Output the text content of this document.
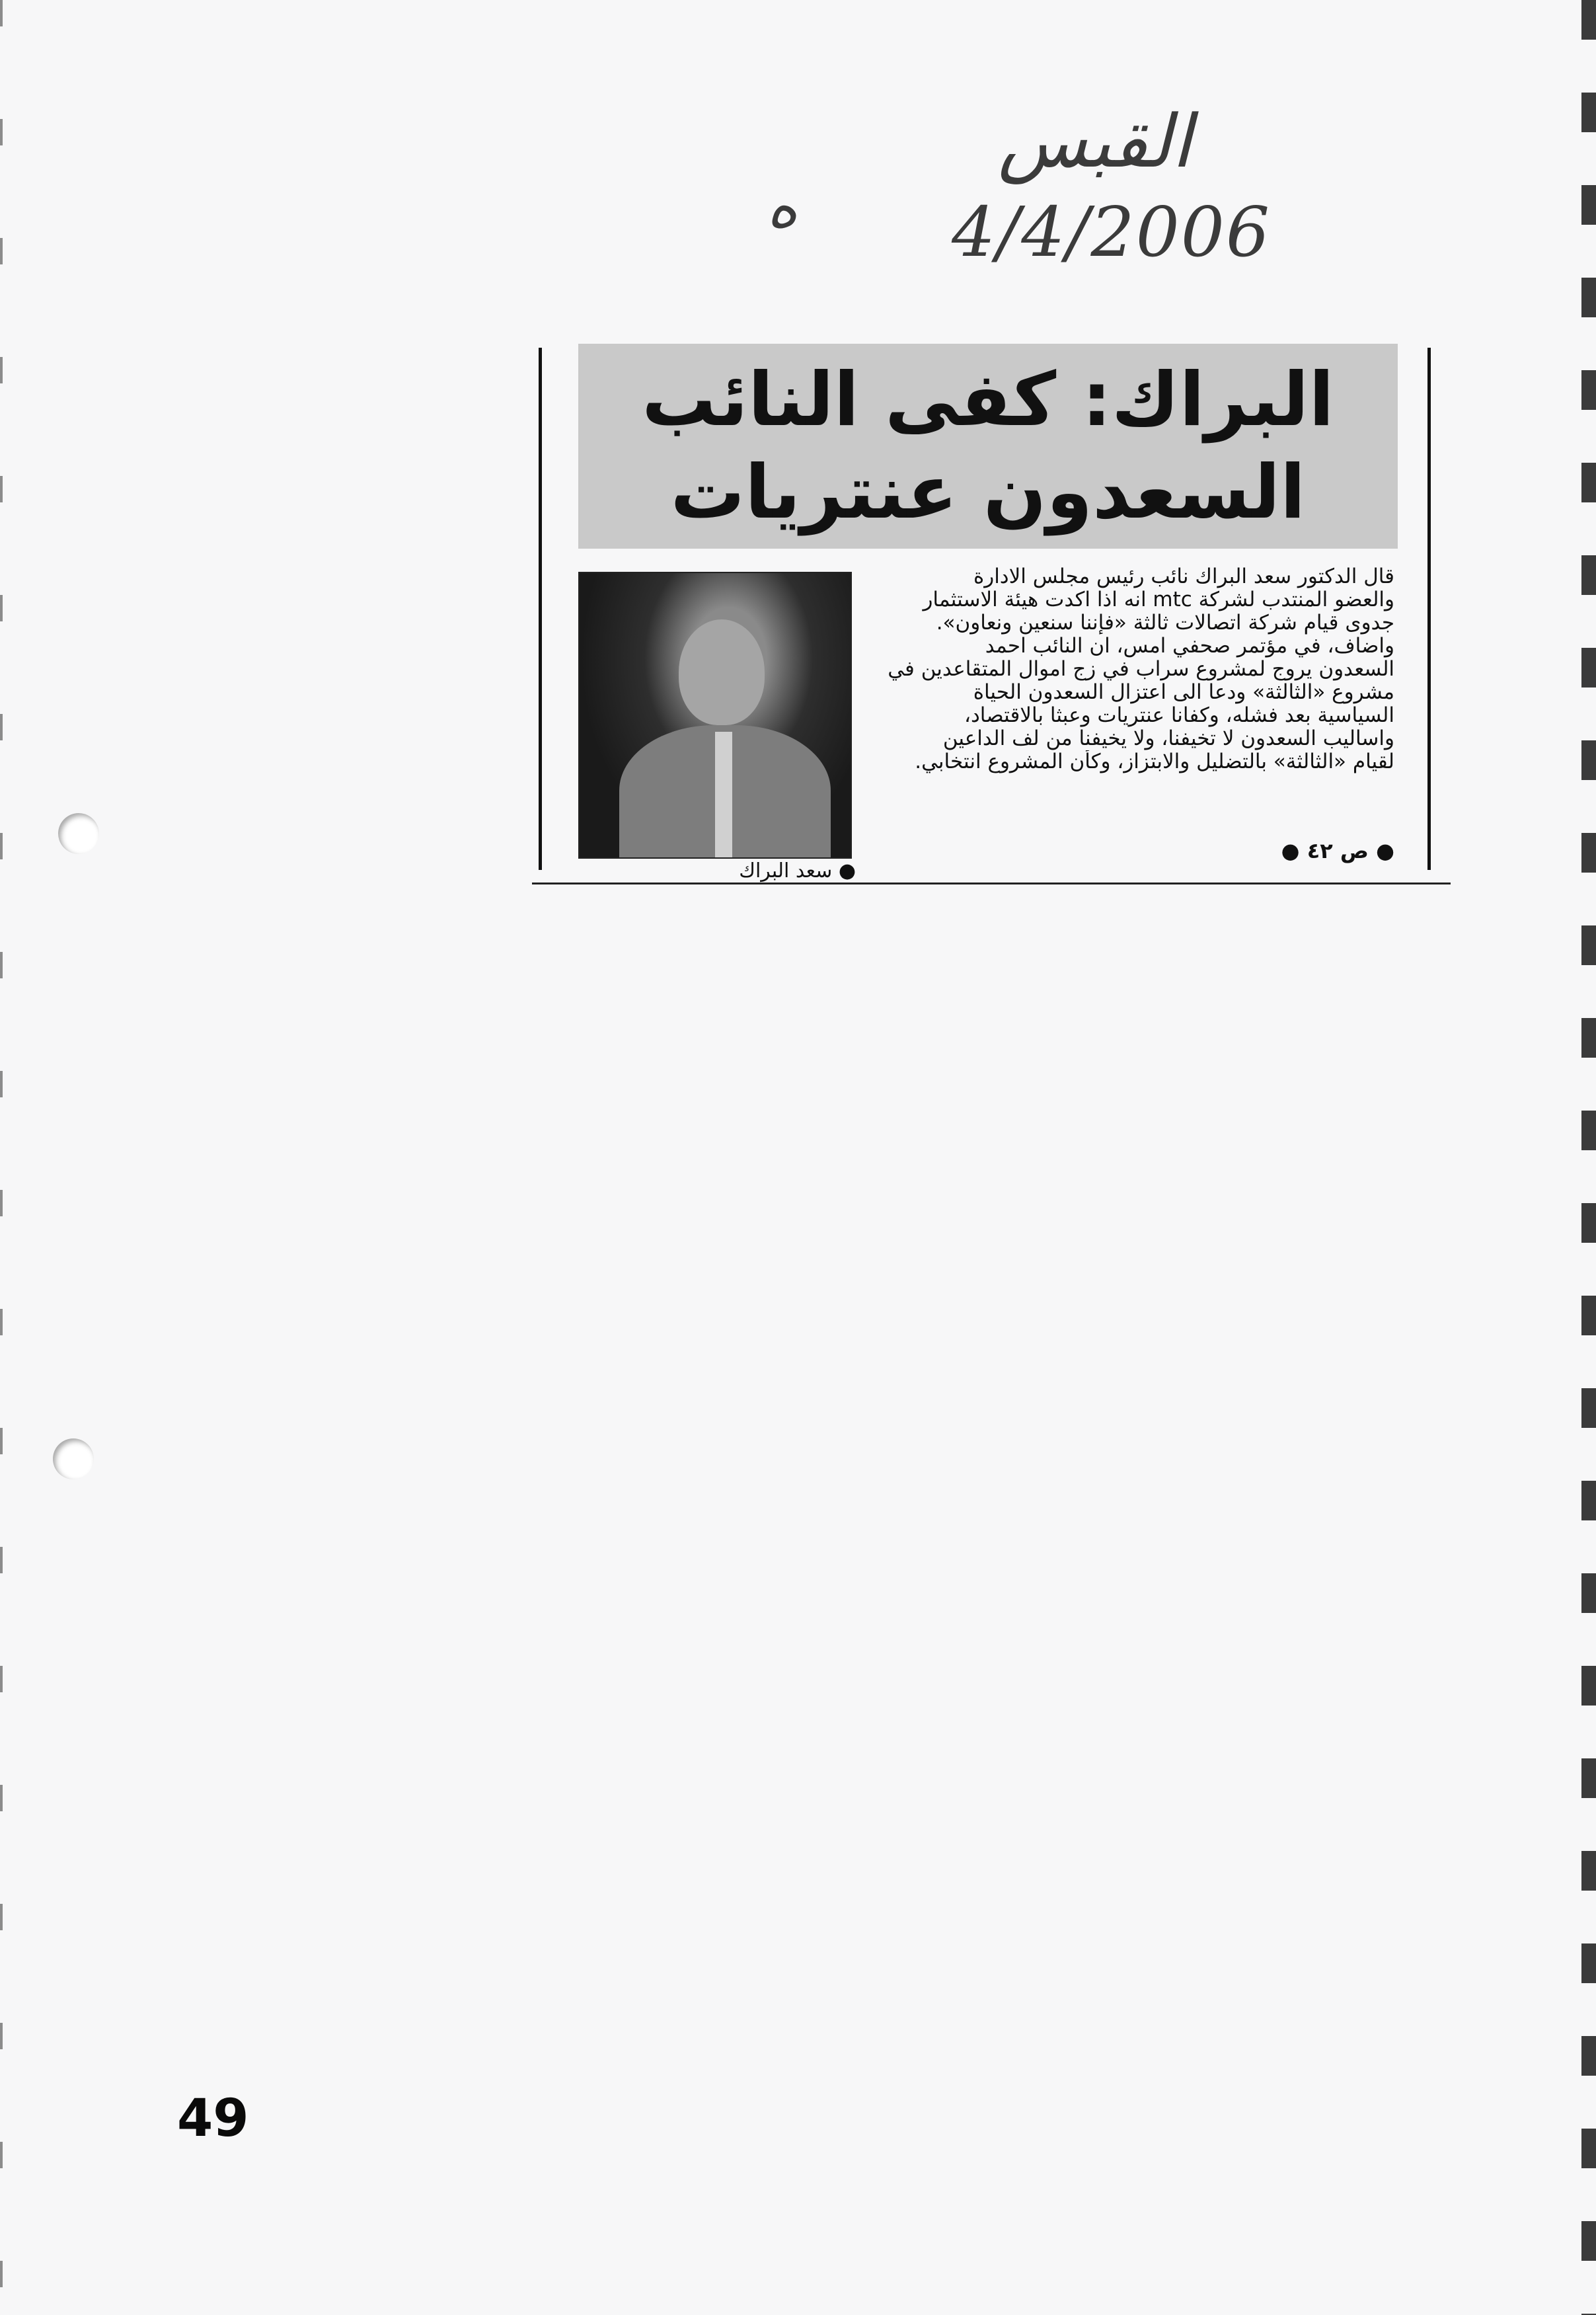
القبس
ه 4/4/2006
البراك: كفى النائب
السعدون عنتريات
● سعد البراك
قال الدكتور سعد البراك نائب رئيس مجلس الادارة
والعضو المنتدب لشركة mtc انه اذا اكدت هيئة الاستثمار
جدوى قيام شركة اتصالات ثالثة «فإننا سنعين ونعاون».
واضاف، في مؤتمر صحفي امس، ان النائب احمد
السعدون يروج لمشروع سراب في زج اموال المتقاعدين في
مشروع «الثالثة» ودعا الى اعتزال السعدون الحياة
السياسية بعد فشله، وكفانا عنتريات وعبثا بالاقتصاد،
واساليب السعدون لا تخيفنا، ولا يخيفنا من لف الداعين
لقيام «الثالثة» بالتضليل والابتزاز، وكأن المشروع انتخابي.
● ص ٤٢ ●
49
